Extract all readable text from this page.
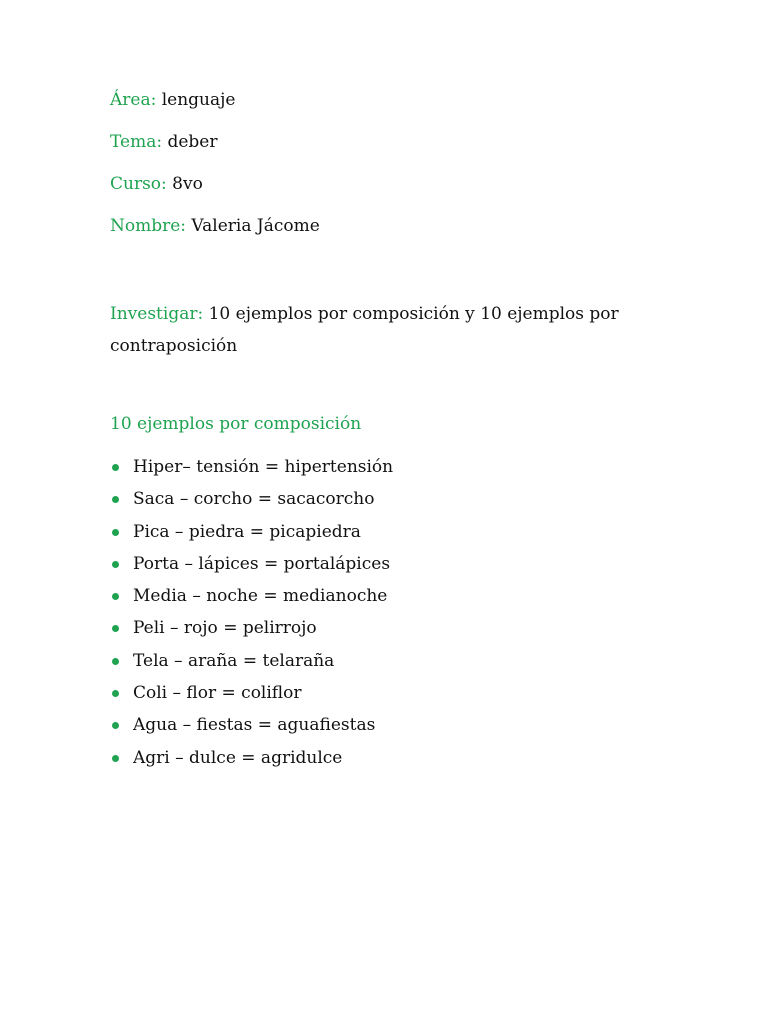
Área: lenguaje
Tema: deber
Curso: 8vo
Nombre: Valeria Jácome
Investigar: 10 ejemplos por composición y 10 ejemplos por contraposición
10 ejemplos por composición
Hiper– tensión = hipertensión
Saca – corcho = sacacorcho
Pica – piedra = picapiedra
Porta – lápices = portalápices
Media – noche = medianoche
Peli – rojo = pelirrojo
Tela – araña = telaraña
Coli – flor = coliflor
Agua – fiestas = aguafiestas
Agri – dulce = agridulce
